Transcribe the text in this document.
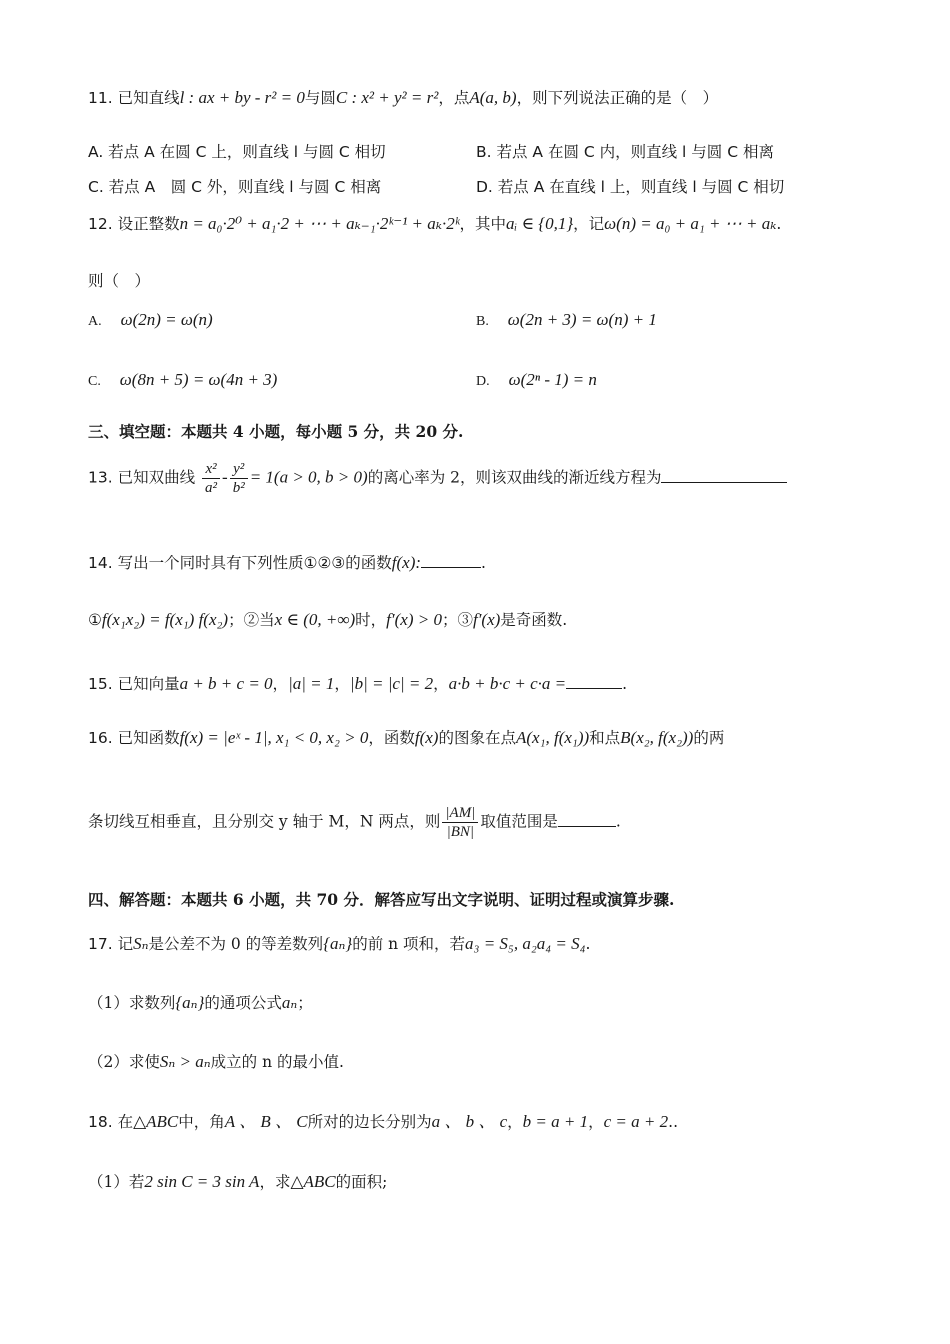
11. 已知直线l : ax + by - r² = 0与圆C : x² + y² = r²，点A(a, b)，则下列说法正确的是（　）
A. 若点 A 在圆 C 上，则直线 l 与圆 C 相切	B. 若点 A 在圆 C 内，则直线 l 与圆 C 相离
C. 若点 A　圆 C 外，则直线 l 与圆 C 相离	D. 若点 A 在直线 l 上，则直线 l 与圆 C 相切
12. 设正整数n = a₀·2⁰ + a₁·2 + ⋯ + aₖ₋₁·2ᵏ⁻¹ + aₖ·2ᵏ，其中aᵢ ∈ {0,1}，记ω(n) = a₀ + a₁ + ⋯ + aₖ.
则（　）
A. ω(2n) = ω(n)	B. ω(2n + 3) = ω(n) + 1
C. ω(8n + 5) = ω(4n + 3)	D. ω(2ⁿ - 1) = n
三、填空题：本题共 4 小题，每小题 5 分，共 20 分.
13. 已知双曲线 $\frac{\text{x²}}{\text{a²}} - \frac{\text{y²}}{\text{b²}} = 1(a > 0$, b > 0)的离心率为 2，则该双曲线的渐近线方程为
14. 写出一个同时具有下列性质①②③的函数f(x):	.
①f(x₁x₂) = f(x₁) f(x₂)；②当x ∈ (0, +∞)时，f′(x) > 0；③f′(x)是奇函数.
15. 已知向量a + b + c = 0，|a| = 1，|b| = |c| = 2，a·b + b·c + c·a =	.
16. 已知函数f(x) = |eˣ - 1|, x₁ < 0, x₂ > 0，函数f(x)的图象在点A(x₁, f(x₁))和点B(x₂, f(x₂))的两
条切线互相垂直，且分别交 y 轴于 M，N 两点，则 $\frac{|AM|}{|BN|}$ 取值范围是	.
四、解答题：本题共 6 小题，共 70 分．解答应写出文字说明、证明过程或演算步骤.
17. 记Sₙ是公差不为 0 的等差数列{aₙ}的前 n 项和，若a₃ = S₅, a₂a₄ = S₄.
（1）求数列{aₙ}的通项公式aₙ；
（2）求使Sₙ > aₙ成立的 n 的最小值.
18. 在△ABC中，角A 、 B 、 C所对的边长分别为a 、 b 、 c，b = a + 1，c = a + 2..
（1）若2 sin C = 3 sin A，求△ABC的面积;
